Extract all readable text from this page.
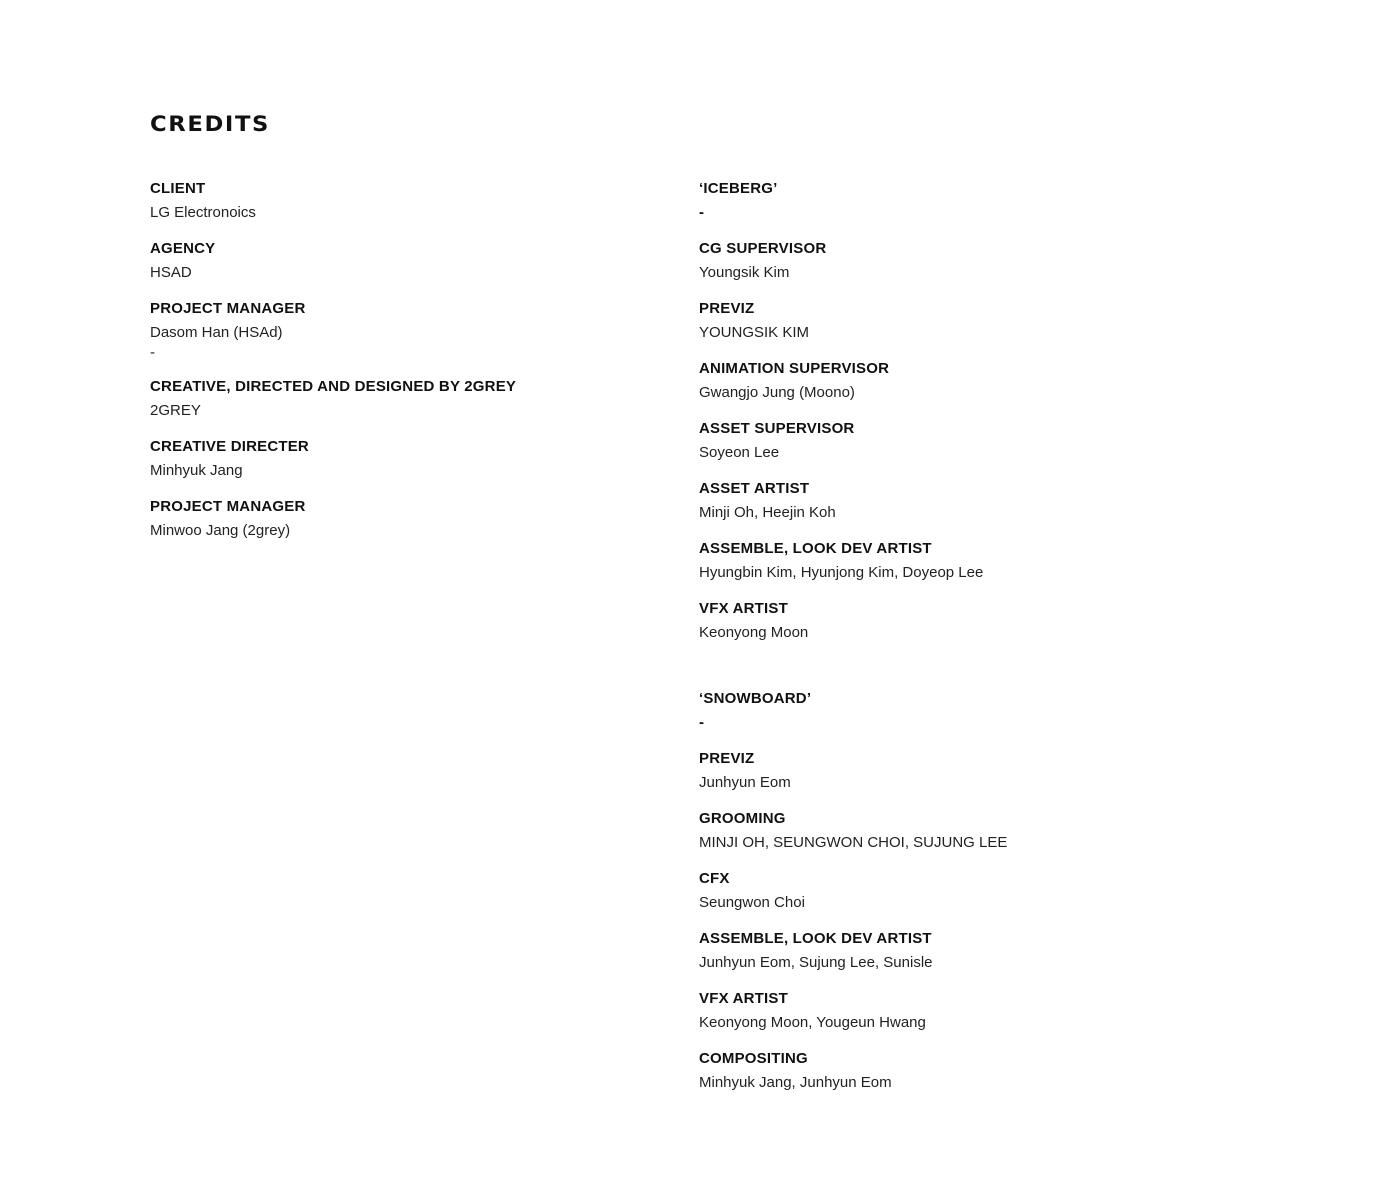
CREDITS
CLIENT
LG Electronoics
AGENCY
HSAD
PROJECT MANAGER
Dasom Han (HSAd)
-
CREATIVE, DIRECTED AND DESIGNED BY 2GREY
2GREY
CREATIVE DIRECTER
Minhyuk Jang
PROJECT MANAGER
Minwoo Jang (2grey)
‘ICEBERG’
-
CG SUPERVISOR
Youngsik Kim
PREVIZ
YOUNGSIK KIM
ANIMATION SUPERVISOR
Gwangjo Jung (Moono)
ASSET SUPERVISOR
Soyeon Lee
ASSET ARTIST
Minji Oh, Heejin Koh
ASSEMBLE, LOOK DEV ARTIST
Hyungbin Kim, Hyunjong Kim, Doyeop Lee
VFX ARTIST
Keonyong Moon
‘SNOWBOARD’
-
PREVIZ
Junhyun Eom
GROOMING
MINJI OH, SEUNGWON CHOI, SUJUNG LEE
CFX
Seungwon Choi
ASSEMBLE, LOOK DEV ARTIST
Junhyun Eom, Sujung Lee, Sunisle
VFX ARTIST
Keonyong Moon, Yougeun Hwang
COMPOSITING
Minhyuk Jang, Junhyun Eom
